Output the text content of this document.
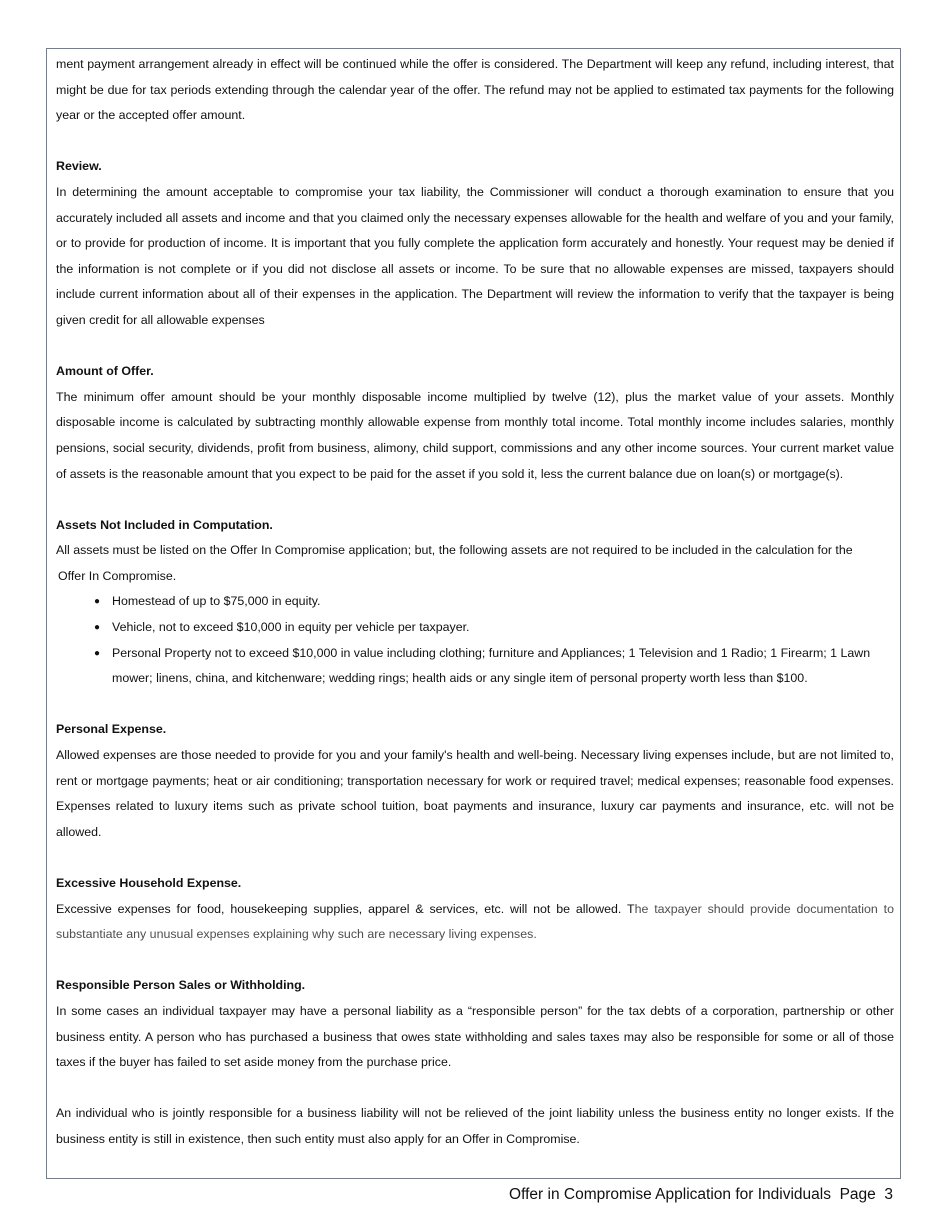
ment payment arrangement already in effect will be continued while the offer is considered. The Department will keep any refund, including interest, that might be due for tax periods extending through the calendar year of the offer. The refund may not be applied to estimated tax payments for the following year or the accepted offer amount.

Review.

In determining the amount acceptable to compromise your tax liability, the Commissioner will conduct a thorough examination to ensure that you accurately included all assets and income and that you claimed only the necessary expenses allowable for the health and welfare of you and your family, or to provide for production of income. It is important that you fully complete the application form accurately and honestly. Your request may be denied if the information is not complete or if you did not disclose all assets or income. To be sure that no allowable expenses are missed, taxpayers should include current information about all of their expenses in the application. The Department will review the information to verify that the taxpayer is being given credit for all allowable expenses

Amount of Offer.

The minimum offer amount should be your monthly disposable income multiplied by twelve (12), plus the market value of your assets. Monthly disposable income is calculated by subtracting monthly allowable expense from monthly total income. Total monthly income includes salaries, monthly pensions, social security, dividends, profit from business, alimony, child support, commissions and any other income sources. Your current market value of assets is the reasonable amount that you expect to be paid for the asset if you sold it, less the current balance due on loan(s) or mortgage(s).

Assets Not Included in Computation.

All assets must be listed on the Offer In Compromise application; but, the following assets are not required to be included in the calculation for the
Offer In Compromise.

● Homestead of up to $75,000 in equity.
● Vehicle, not to exceed $10,000 in equity per vehicle per taxpayer.
● Personal Property not to exceed $10,000 in value including clothing; furniture and Appliances; 1 Television and 1 Radio; 1 Firearm; 1 Lawn mower; linens, china, and kitchenware; wedding rings; health aids or any single item of personal property worth less than $100.

Personal Expense.

Allowed expenses are those needed to provide for you and your family's health and well-being. Necessary living expenses include, but are not limited to, rent or mortgage payments; heat or air conditioning; transportation necessary for work or required travel; medical expenses; reasonable food expenses. Expenses related to luxury items such as private school tuition, boat payments and insurance, luxury car payments and insurance, etc. will not be allowed.

Excessive Household Expense.

Excessive expenses for food, housekeeping supplies, apparel & services, etc. will not be allowed. The taxpayer should provide documentation to substantiate any unusual expenses explaining why such are necessary living expenses.

Responsible Person Sales or Withholding.

In some cases an individual taxpayer may have a personal liability as a “responsible person” for the tax debts of a corporation, partnership or other business entity. A person who has purchased a business that owes state withholding and sales taxes may also be responsible for some or all of those taxes if the buyer has failed to set aside money from the purchase price.

An individual who is jointly responsible for a business liability will not be relieved of the joint liability unless the business entity no longer exists. If the business entity is still in existence, then such entity must also apply for an Offer in Compromise.

Offer in Compromise Application for Individuals  Page  3
